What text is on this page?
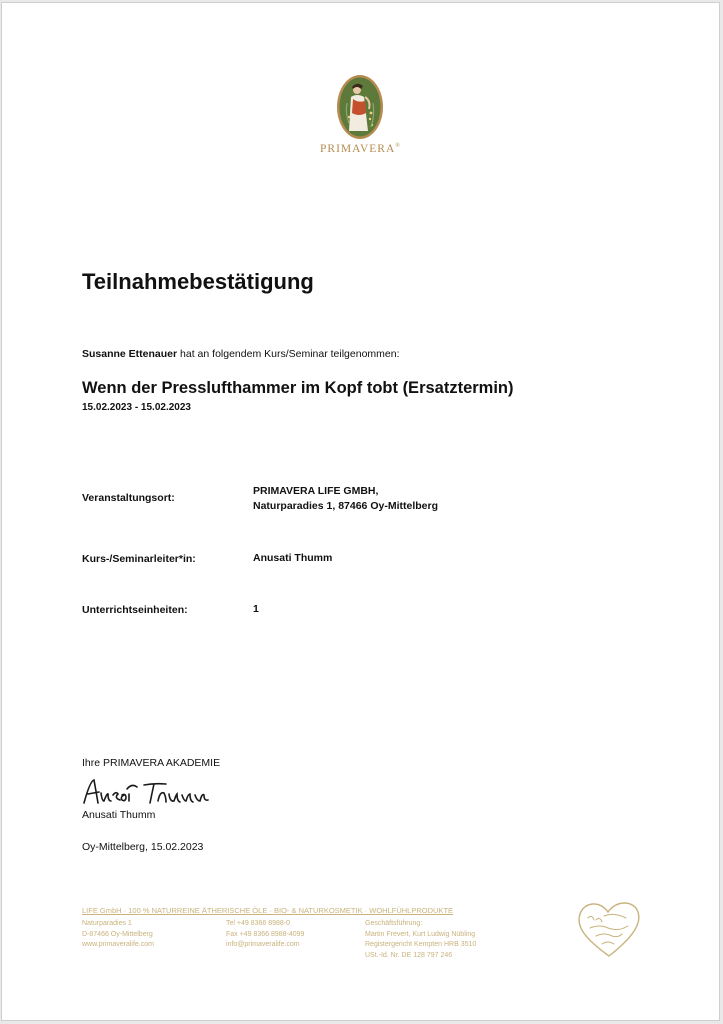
PRIMAVERA®
Teilnahmebestätigung
Susanne Ettenauer hat an folgendem Kurs/Seminar teilgenommen:
Wenn der Presslufthammer im Kopf tobt (Ersatztermin)
15.02.2023 - 15.02.2023
Veranstaltungsort:
PRIMAVERA LIFE GMBH,
Naturparadies 1, 87466 Oy-Mittelberg
Kurs-/Seminarleiter*in:	Anusati Thumm
Unterrichtseinheiten:	1
Ihre PRIMAVERA AKADEMIE
Anusati Thumm
Oy-Mittelberg, 15.02.2023
LIFE GmbH · 100 % NATURREINE ÄTHERISCHE ÖLE · BIO- & NATURKOSMETIK · WOHLFÜHLPRODUKTE
Naturparadies 1
D-87466 Oy-Mittelberg
www.primaveralife.com
Tel +49 8366 8988-0
Fax +49 8366 8988-4099
info@primaveralife.com
Geschäftsführung:
Martin Frevert, Kurt Ludwig Nübling
Registergericht Kempten HRB 3510
USt.-Id. Nr. DE 128 797 246
